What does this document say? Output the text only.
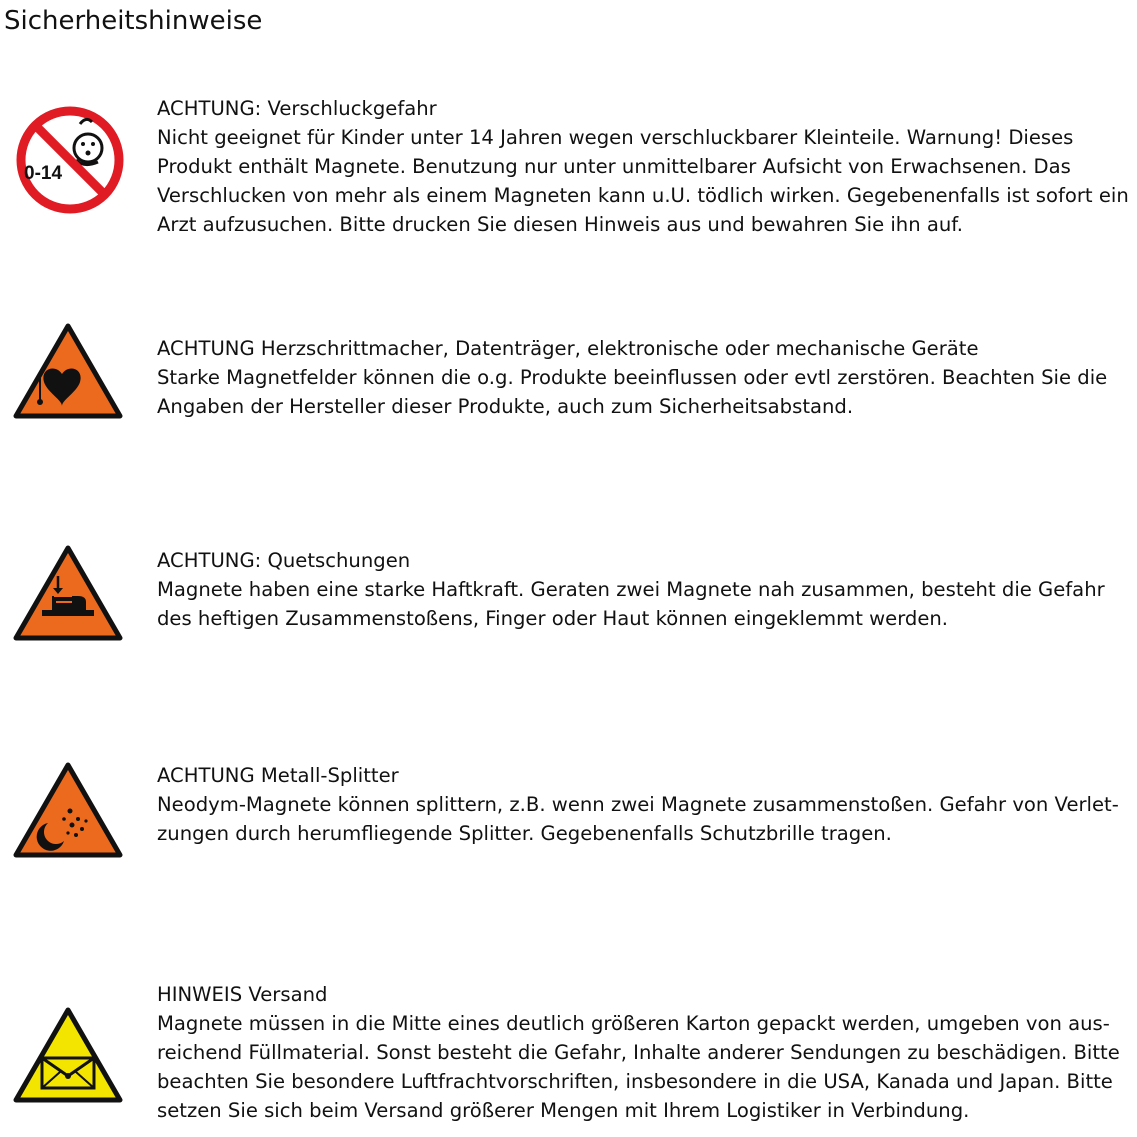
Sicherheitshinweise
0-14
ACHTUNG: Verschluckgefahr
Nicht geeignet für Kinder unter 14 Jahren wegen verschluckbarer Kleinteile. Warnung! Dieses Produkt enthält Magnete. Benutzung nur unter unmittelbarer Aufsicht von Erwachsenen. Das Verschlucken von mehr als einem Magneten kann u.U. tödlich wirken. Gegebenenfalls ist sofort ein Arzt aufzusuchen. Bitte drucken Sie diesen Hinweis aus und bewahren Sie ihn auf.
ACHTUNG Herzschrittmacher, Datenträger, elektronische oder mechanische Geräte
Starke Magnetfelder können die o.g. Produkte beeinflussen oder evtl zerstören. Beachten Sie die Angaben der Hersteller dieser Produkte, auch zum Sicherheitsabstand.
ACHTUNG: Quetschungen
Magnete haben eine starke Haftkraft. Geraten zwei Magnete nah zusammen, besteht die Gefahr des heftigen Zusammenstoßens, Finger oder Haut können eingeklemmt werden.
ACHTUNG Metall-Splitter
Neodym-Magnete können splittern, z.B. wenn zwei Magnete zusammenstoßen. Gefahr von Verlet-zungen durch herumfliegende Splitter. Gegebenenfalls Schutzbrille tragen.
HINWEIS Versand
Magnete müssen in die Mitte eines deutlich größeren Karton gepackt werden, umgeben von aus-reichend Füllmaterial. Sonst besteht die Gefahr, Inhalte anderer Sendungen zu beschädigen. Bitte beachten Sie besondere Luftfrachtvorschriften, insbesondere in die USA, Kanada und Japan. Bitte setzen Sie sich beim Versand größerer Mengen mit Ihrem Logistiker in Verbindung.
